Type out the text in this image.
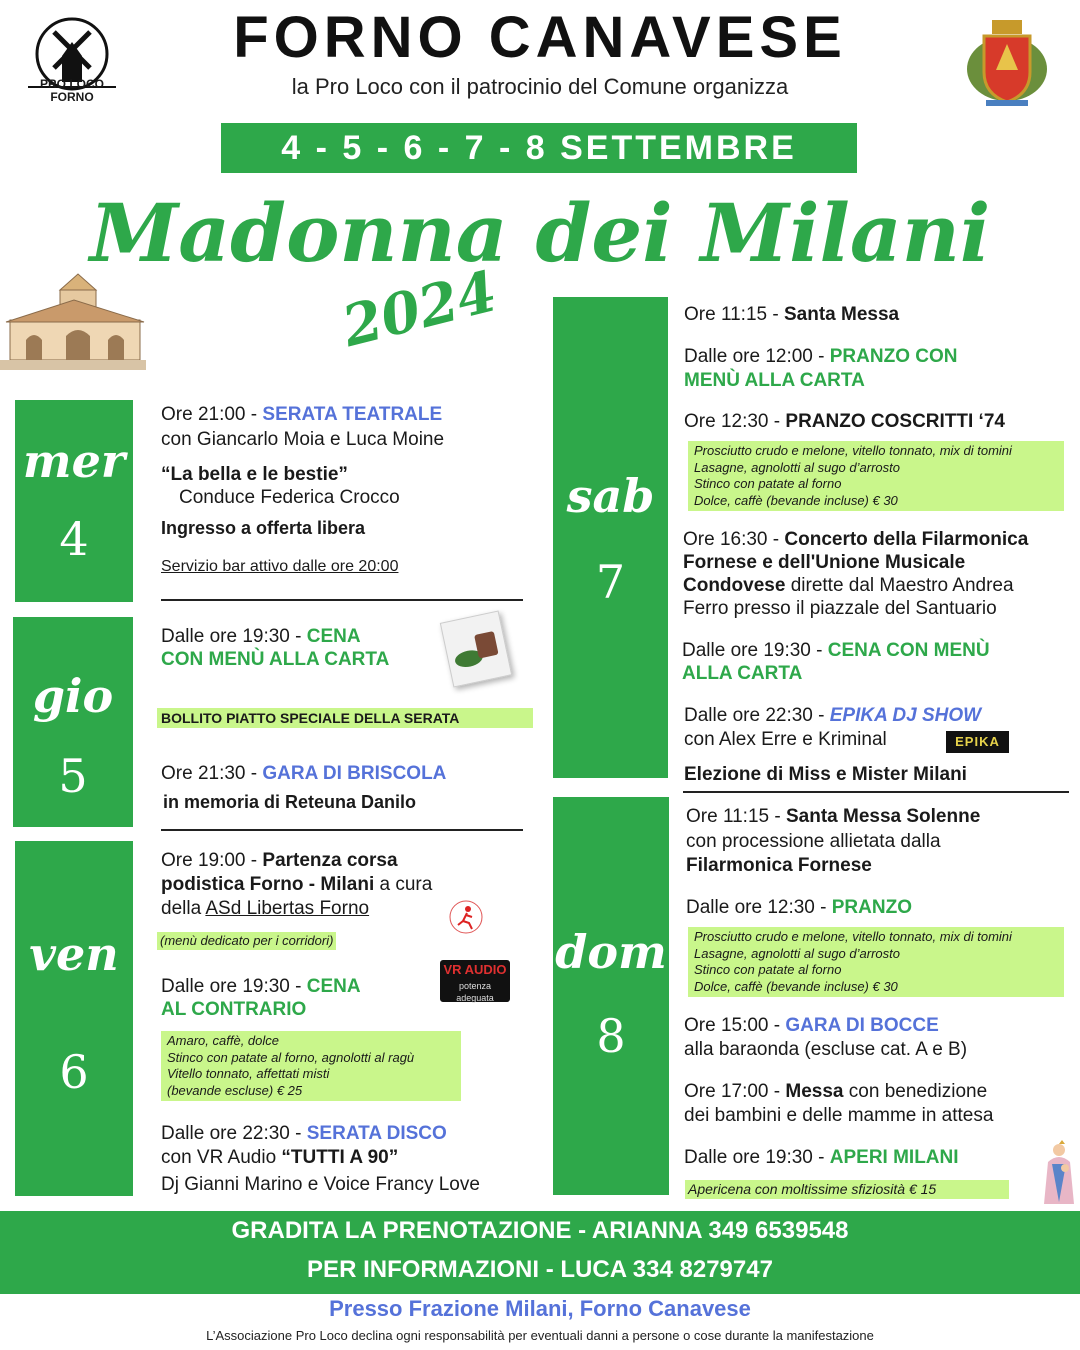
PRO LOCO
FORNO
FORNO CANAVESE
la Pro Loco con il patrocinio del Comune organizza
4 - 5 - 6 - 7 - 8 SETTEMBRE
Madonna dei Milani
2024
mer
4
gio
5
ven
6
sab
7
dom
8
Ore 21:00 - SERATA TEATRALE
con Giancarlo Moia e Luca Moine
“La bella e le bestie”
Conduce Federica Crocco
Ingresso a offerta libera
Servizio bar attivo dalle ore 20:00
Dalle ore 19:30 - CENA
CON MENÙ ALLA CARTA
BOLLITO PIATTO SPECIALE DELLA SERATA
Ore 21:30 - GARA DI BRISCOLA
in memoria di Reteuna Danilo
Ore 19:00 - Partenza corsa
podistica Forno - Milani a cura
della ASd Libertas Forno
(menù dedicato per i corridori)
Dalle ore 19:30 - CENA
AL CONTRARIO
VR AUDIO
potenza adeguata
Amaro, caffè, dolce
Stinco con patate al forno, agnolotti al ragù
Vitello tonnato, affettati misti
(bevande escluse) € 25
Dalle ore 22:30 - SERATA DISCO
con VR Audio “TUTTI A 90”
Dj Gianni Marino e Voice Francy Love
Ore 11:15 - Santa Messa
Dalle ore 12:00 - PRANZO CON
MENÙ ALLA CARTA
Ore 12:30 - PRANZO COSCRITTI ‘74
Prosciutto crudo e melone, vitello tonnato, mix di tomini
Lasagne, agnolotti al sugo d’arrosto
Stinco con patate al forno
Dolce, caffè (bevande incluse) € 30
Ore 16:30 - Concerto della Filarmonica
Fornese e dell'Unione Musicale
Condovese dirette dal Maestro Andrea
Ferro presso il piazzale del Santuario
Dalle ore 19:30 - CENA CON MENÙ
ALLA CARTA
Dalle ore 22:30 - EPIKA DJ SHOW
con Alex Erre e Kriminal	EPIKA
Elezione di Miss e Mister Milani
Ore 11:15 - Santa Messa Solenne
con processione allietata dalla
Filarmonica Fornese
Dalle ore 12:30 - PRANZO
Prosciutto crudo e melone, vitello tonnato, mix di tomini
Lasagne, agnolotti al sugo d’arrosto
Stinco con patate al forno
Dolce, caffè (bevande incluse) € 30
Ore 15:00 - GARA DI BOCCE
alla baraonda (escluse cat. A e B)
Ore 17:00 - Messa con benedizione
dei bambini e delle mamme in attesa
Dalle ore 19:30 - APERI MILANI
Apericena con moltissime sfiziosità € 15
GRADITA LA PRENOTAZIONE - ARIANNA 349 6539548
PER INFORMAZIONI - LUCA 334 8279747
Presso Frazione Milani, Forno Canavese
L’Associazione Pro Loco declina ogni responsabilità per eventuali danni a persone o cose durante la manifestazione
